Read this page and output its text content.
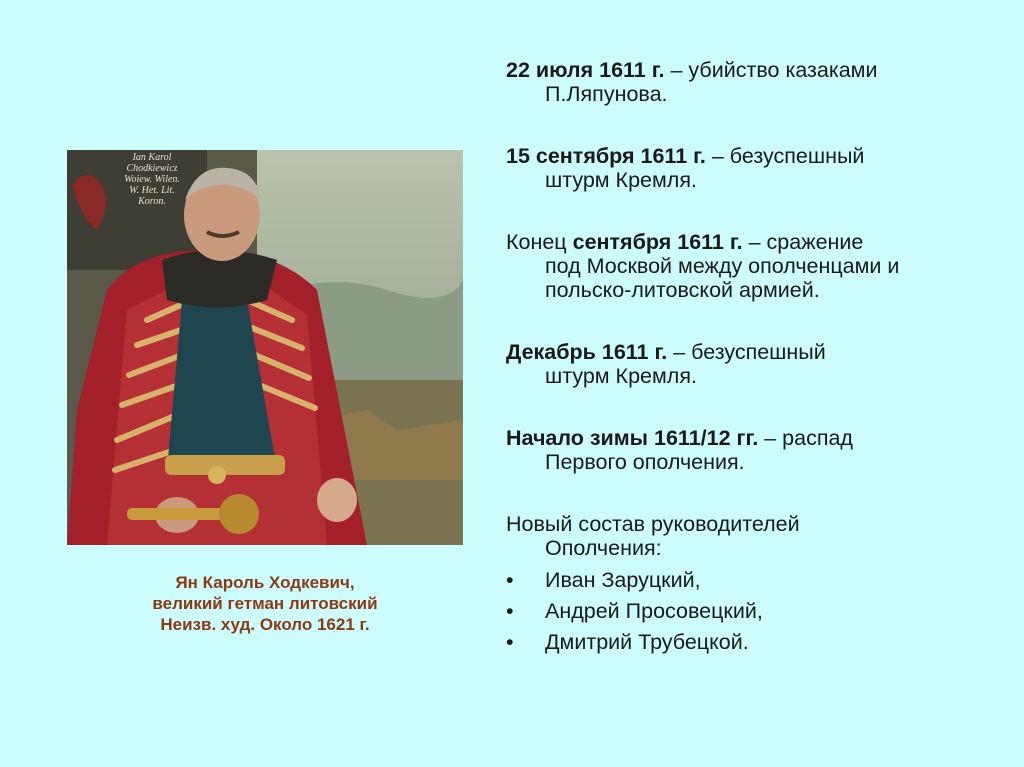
Ian Karol
Chodkiewicz
Woiew. Wilen.
W. Het. Lit.
Koron.
Ян Кароль Ходкевич,
великий гетман литовский
Неизв. худ. Около 1621 г.
22 июля 1611 г. – убийство казаками
П.Ляпунова.
15 сентября 1611 г. – безуспешный
штурм Кремля.
Конец сентября 1611 г. – сражение
под Москвой между ополченцами и
польско-литовской армией.
Декабрь 1611 г. – безуспешный
штурм Кремля.
Начало зимы 1611/12 гг. – распад
Первого ополчения.
Новый состав руководителей
Ополчения:
• Иван Заруцкий,
• Андрей Просовецкий,
• Дмитрий Трубецкой.
